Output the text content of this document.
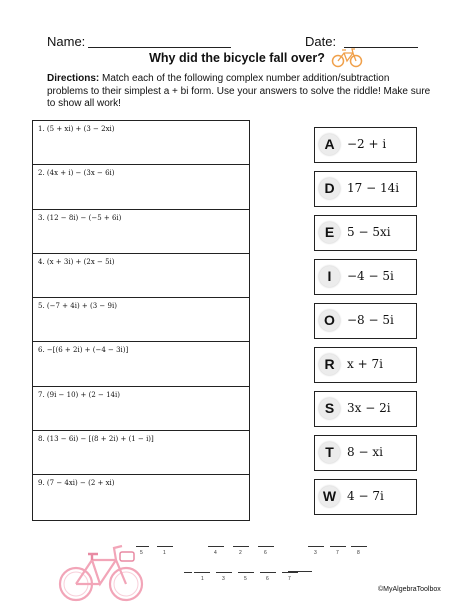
Name:	Date:
Why did the bicycle fall over?
Directions: Match each of the following complex number addition/subtraction problems to their simplest a + bi form. Use your answers to solve the riddle! Make sure to show all work!
1. (5 + xi) + (3 − 2xi)
2. (4x + i) − (3x − 6i)
3. (12 − 8i) − (−5 + 6i)
4. (x + 3i) + (2x − 5i)
5. (−7 + 4i) + (3 − 9i)
6. −[(6 + 2i) + (−4 − 3i)]
7. (9i − 10) + (2 − 14i)
8. (13 − 6i) − [(8 + 2i) + (1 − i)]
9. (7 − 4xi) − (2 + xi)
A	−2 + i
D	17 − 14i
E	5 − 5xi
I	−4 − 5i
O	−8 − 5i
R	x + 7i
S	3x − 2i
T	8 − xi
W 4 − 7i
5	1	4	2	6	3	7	8
1	3	5	6	7
©MyAlgebraToolbox
